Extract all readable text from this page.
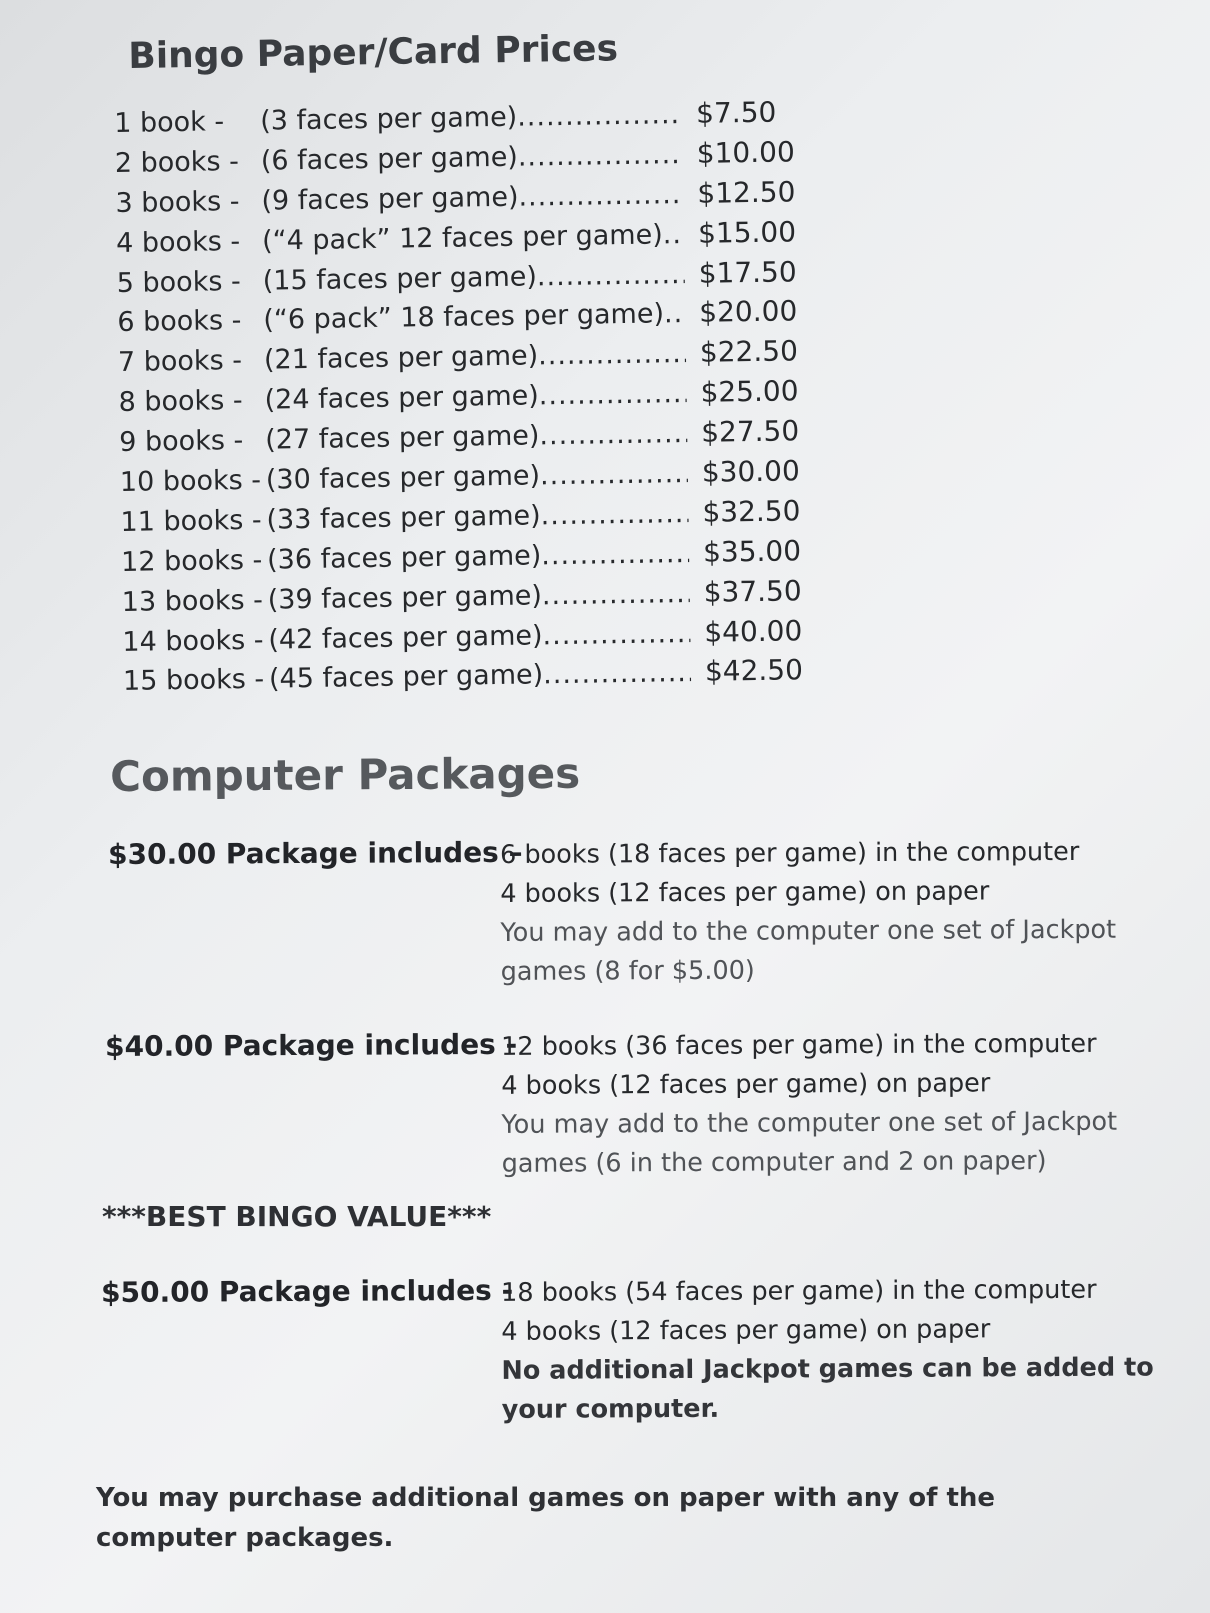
Bingo Paper/Card Prices
1 book - (3 faces per game) .....	$7.50
2 books - (6 faces per game) .....	$10.00
3 books - (9 faces per game) .....	$12.50
4 books - (“4 pack” 12 faces per game) .....	$15.00
5 books - (15 faces per game) .....	$17.50
6 books - (“6 pack” 18 faces per game) .....	$20.00
7 books - (21 faces per game) .....	$22.50
8 books - (24 faces per game) .....	$25.00
9 books - (27 faces per game) .....	$27.50
10 books - (30 faces per game) .....	$30.00
11 books - (33 faces per game) .....	$32.50
12 books - (36 faces per game) .....	$35.00
13 books - (39 faces per game) .....	$37.50
14 books - (42 faces per game) .....	$40.00
15 books - (45 faces per game) .....	$42.50
Computer Packages
$30.00 Package includes –
6 books (18 faces per game) in the computer
4 books (12 faces per game) on paper
You may add to the computer one set of Jackpot
games (8 for $5.00)
$40.00 Package includes -
12 books (36 faces per game) in the computer
4 books (12 faces per game) on paper
You may add to the computer one set of Jackpot
games (6 in the computer and 2 on paper)
***BEST BINGO VALUE***
$50.00 Package includes -
18 books (54 faces per game) in the computer
4 books (12 faces per game) on paper
No additional Jackpot games can be added to
your computer.
You may purchase additional games on paper with any of the computer packages.
